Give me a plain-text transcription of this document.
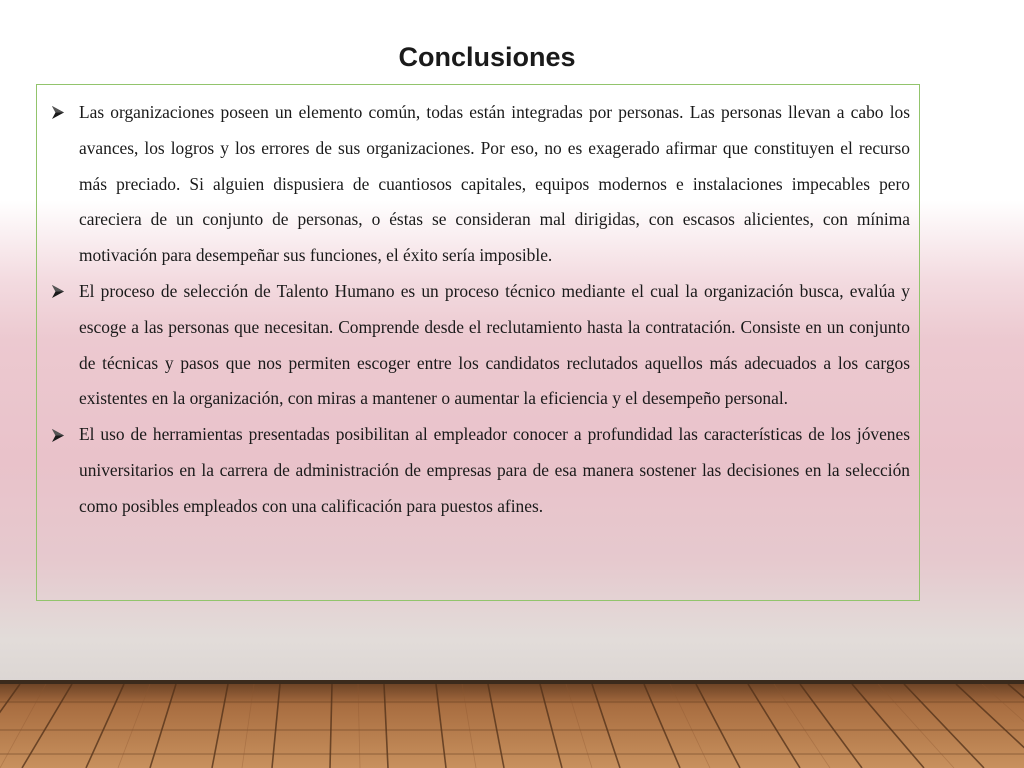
Conclusiones
Las organizaciones poseen un elemento común, todas están integradas por personas. Las personas llevan a cabo los avances, los logros y los errores de sus organizaciones. Por eso, no es exagerado afirmar que constituyen el recurso más preciado. Si alguien dispusiera de cuantiosos capitales, equipos modernos e instalaciones impecables pero careciera de un conjunto de personas, o éstas se consideran mal dirigidas, con escasos alicientes, con mínima motivación para desempeñar sus funciones, el éxito sería imposible.
El proceso de selección de Talento Humano es un proceso técnico mediante el cual la organización busca, evalúa y escoge a las personas que necesitan. Comprende desde el reclutamiento hasta la contratación. Consiste en un conjunto de técnicas y pasos que nos permiten escoger entre los candidatos reclutados aquellos más adecuados a los cargos existentes en la organización, con miras a mantener o aumentar la eficiencia y el desempeño personal.
El uso de herramientas presentadas posibilitan al empleador conocer a profundidad las características de los jóvenes universitarios en la carrera de administración de empresas para de esa manera sostener las decisiones en la selección como posibles empleados con una calificación para puestos afines.
